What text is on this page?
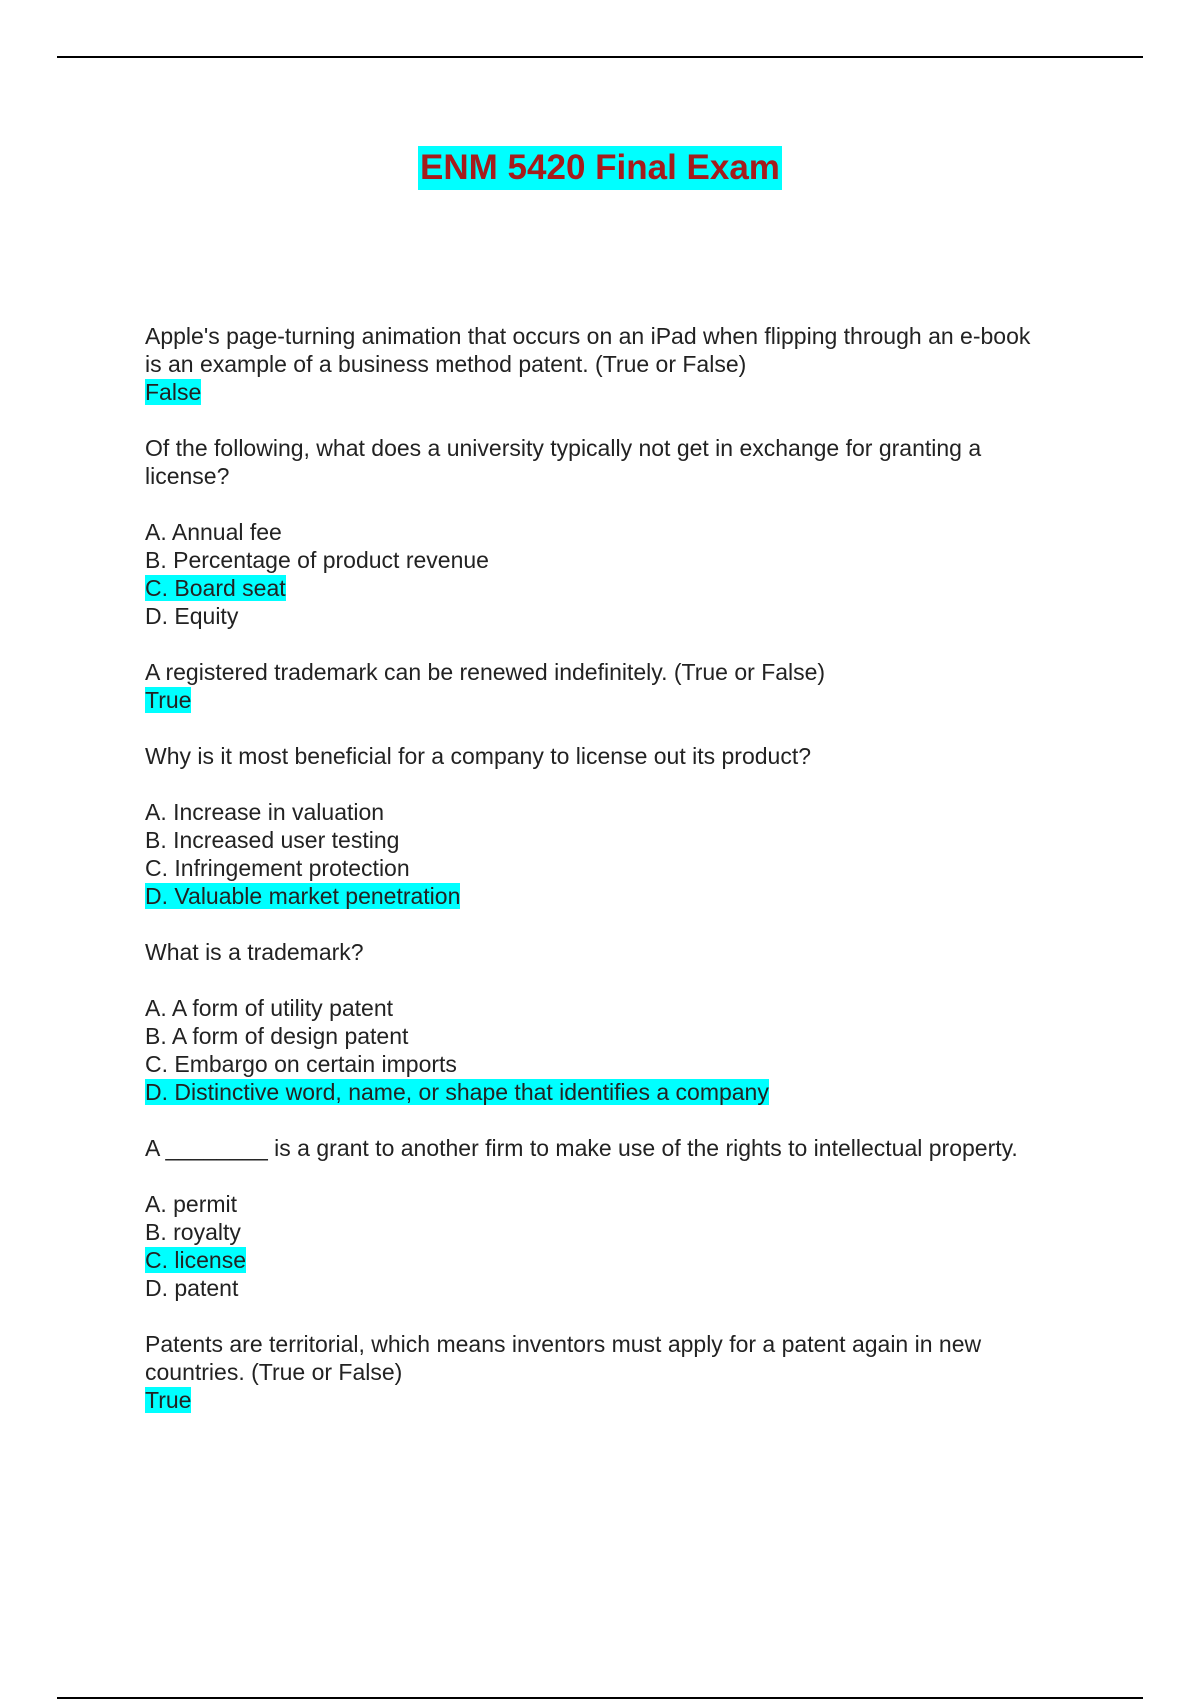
ENM 5420 Final Exam
Apple's page-turning animation that occurs on an iPad when flipping through an e-book
is an example of a business method patent. (True or False)
False
Of the following, what does a university typically not get in exchange for granting a
license?
A. Annual fee
B. Percentage of product revenue
C. Board seat
D. Equity
A registered trademark can be renewed indefinitely. (True or False)
True
Why is it most beneficial for a company to license out its product?
A. Increase in valuation
B. Increased user testing
C. Infringement protection
D. Valuable market penetration
What is a trademark?
A. A form of utility patent
B. A form of design patent
C. Embargo on certain imports
D. Distinctive word, name, or shape that identifies a company
A ________ is a grant to another firm to make use of the rights to intellectual property.
A. permit
B. royalty
C. license
D. patent
Patents are territorial, which means inventors must apply for a patent again in new
countries. (True or False)
True
